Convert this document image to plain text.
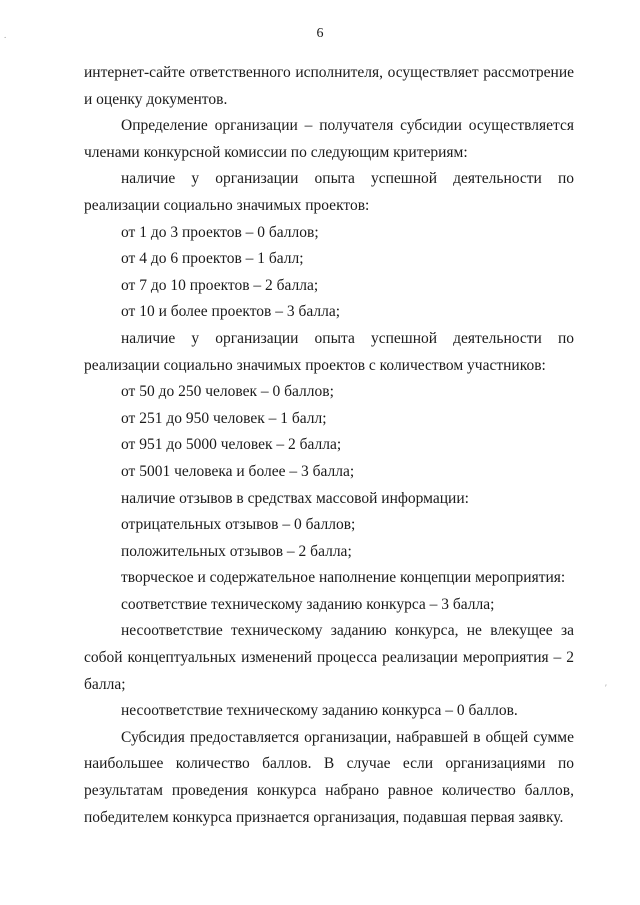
6

интернет-сайте ответственного исполнителя, осуществляет рассмотрение и оценку документов.

Определение организации – получателя субсидии осуществляется членами конкурсной комиссии по следующим критериям:

наличие у организации опыта успешной деятельности по реализации социально значимых проектов:

от 1 до 3 проектов – 0 баллов;

от 4 до 6 проектов – 1 балл;

от 7 до 10 проектов – 2 балла;

от 10 и более проектов – 3 балла;

наличие у организации опыта успешной деятельности по реализации социально значимых проектов с количеством участников:

от 50 до 250 человек – 0 баллов;

от 251 до 950 человек – 1 балл;

от 951 до 5000 человек – 2 балла;

от 5001 человека и более – 3 балла;

наличие отзывов в средствах массовой информации:

отрицательных отзывов – 0 баллов;

положительных отзывов – 2 балла;

творческое и содержательное наполнение концепции мероприятия:

соответствие техническому заданию конкурса – 3 балла;

несоответствие техническому заданию конкурса, не влекущее за собой концептуальных изменений процесса реализации мероприятия – 2 балла;

несоответствие техническому заданию конкурса – 0 баллов.

Субсидия предоставляется организации, набравшей в общей сумме наибольшее количество баллов. В случае если организациями по результатам проведения конкурса набрано равное количество баллов, победителем конкурса признается организация, подавшая первая заявку.

.
′
